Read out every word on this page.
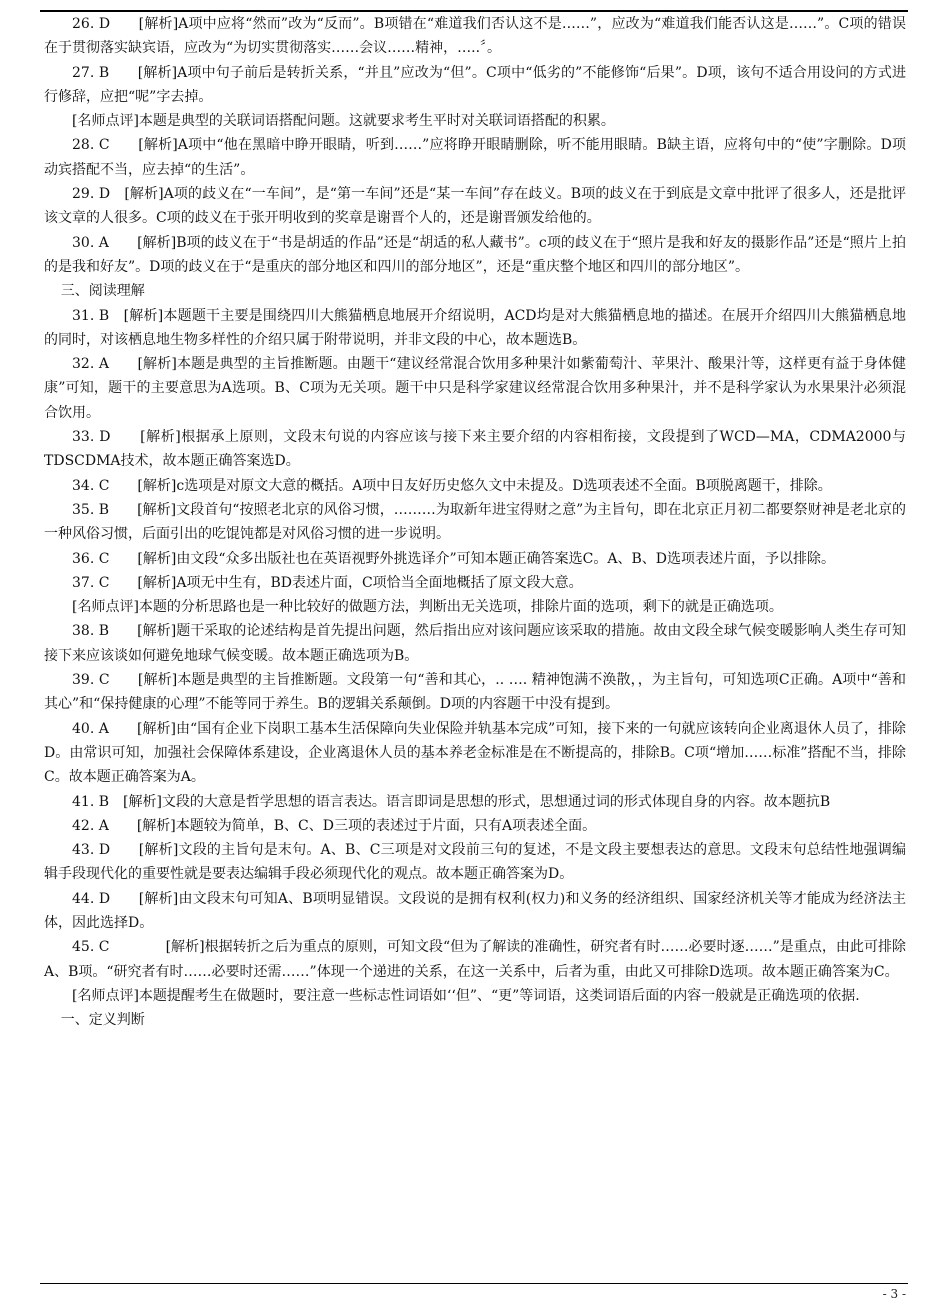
26. D　　[解析]A项中应将“然而”改为“反而”。B项错在“难道我们否认这不是……”，应改为“难道我们能否认这是……”。C项的错误在于贯彻落实缺宾语，应改为“为切实贯彻落实……会议……精神，…..〞。

27. B　　[解析]A项中句子前后是转折关系，“并且”应改为“但”。C项中“低劣的”不能修饰“后果”。D项，该句不适合用设问的方式进行修辞，应把“呢”字去掉。

[名师点评]本题是典型的关联词语搭配问题。这就要求考生平时对关联词语搭配的积累。

28. C　　[解析]A项中“他在黑暗中睁开眼睛，听到……”应将睁开眼睛删除，听不能用眼睛。B缺主语，应将句中的“使”字删除。D项动宾搭配不当，应去掉“的生活”。

29. D　[解析]A项的歧义在“一车间”，是“第一车间”还是“某一车间”存在歧义。B项的歧义在于到底是文章中批评了很多人，还是批评该文章的人很多。C项的歧义在于张开明收到的奖章是谢晋个人的，还是谢晋颁发给他的。

30. A　　[解析]B项的歧义在于“书是胡适的作品”还是“胡适的私人藏书”。c项的歧义在于“照片是我和好友的摄影作品”还是“照片上拍的是我和好友”。D项的歧义在于“是重庆的部分地区和四川的部分地区”，还是“重庆整个地区和四川的部分地区”。

三、阅读理解

31. B　[解析]本题题干主要是围绕四川大熊猫栖息地展开介绍说明，ACD均是对大熊猫栖息地的描述。在展开介绍四川大熊猫栖息地的同时，对该栖息地生物多样性的介绍只属于附带说明，并非文段的中心，故本题选B。

32. A　　[解析]本题是典型的主旨推断题。由题干“建议经常混合饮用多种果汁如紫葡萄汁、苹果汁、酸果汁等，这样更有益于身体健康”可知，题干的主要意思为A选项。B、C项为无关项。题干中只是科学家建议经常混合饮用多种果汁，并不是科学家认为水果果汁必须混合饮用。

33. D　　[解析]根据承上原则，文段末句说的内容应该与接下来主要介绍的内容相衔接，文段提到了WCD—MA，CDMA2000与TDSCDMA技术，故本题正确答案选D。

34. C　　[解析]c选项是对原文大意的概括。A项中日友好历史悠久文中未提及。D选项表述不全面。B项脱离题干，排除。

35. B　　[解析]文段首句“按照老北京的风俗习惯，………为取新年进宝得财之意”为主旨句，即在北京正月初二都要祭财神是老北京的一种风俗习惯，后面引出的吃馄饨都是对风俗习惯的进一步说明。

36. C　　[解析]由文段“众多出版社也在英语视野外挑选译介”可知本题正确答案选C。A、B、D选项表述片面，予以排除。

37. C　　[解析]A项无中生有，BD表述片面，C项恰当全面地概括了原文段大意。

[名师点评]本题的分析思路也是一种比较好的做题方法，判断出无关选项，排除片面的选项，剩下的就是正确选项。

38. B　　[解析]题干采取的论述结构是首先提出问题，然后指出应对该问题应该采取的措施。故由文段全球气候变暖影响人类生存可知接下来应该谈如何避免地球气候变暖。故本题正确选项为B。

39. C　　[解析]本题是典型的主旨推断题。文段第一句“善和其心，.. …. 精神饱满不涣散，，为主旨句，可知选项C正确。A项中“善和其心”和“保持健康的心理”不能等同于养生。B的逻辑关系颠倒。D项的内容题干中没有提到。

40. A　　[解析]由“国有企业下岗职工基本生活保障向失业保险并轨基本完成”可知，接下来的一句就应该转向企业离退休人员了，排除D。由常识可知，加强社会保障体系建设，企业离退休人员的基本养老金标准是在不断提高的，排除B。C项“增加……标准”搭配不当，排除C。故本题正确答案为A。

41. B　[解析]文段的大意是哲学思想的语言表达。语言即词是思想的形式，思想通过词的形式体现自身的内容。故本题抗B

42. A　　[解析]本题较为简单，B、C、D三项的表述过于片面，只有A项表述全面。

43. D　　[解析]文段的主旨句是末句。A、B、C三项是对文段前三句的复述，不是文段主要想表达的意思。文段末句总结性地强调编辑手段现代化的重要性就是要表达编辑手段必须现代化的观点。故本题正确答案为D。

44. D　　[解析]由文段末句可知A、B项明显错误。文段说的是拥有权利(权力)和义务的经济组织、国家经济机关等才能成为经济法主体，因此选择D。

45. C　　　　[解析]根据转折之后为重点的原则，可知文段“但为了解读的准确性，研究者有时……必要时逐……”是重点，由此可排除A、B项。“研究者有时……必要时还需……”体现一个递进的关系，在这一关系中，后者为重，由此又可排除D选项。故本题正确答案为C。

[名师点评]本题提醒考生在做题时，要注意一些标志性词语如‘‘但”、“更”等词语，这类词语后面的内容一般就是正确选项的依据.

一、定义判断

- 3 -
